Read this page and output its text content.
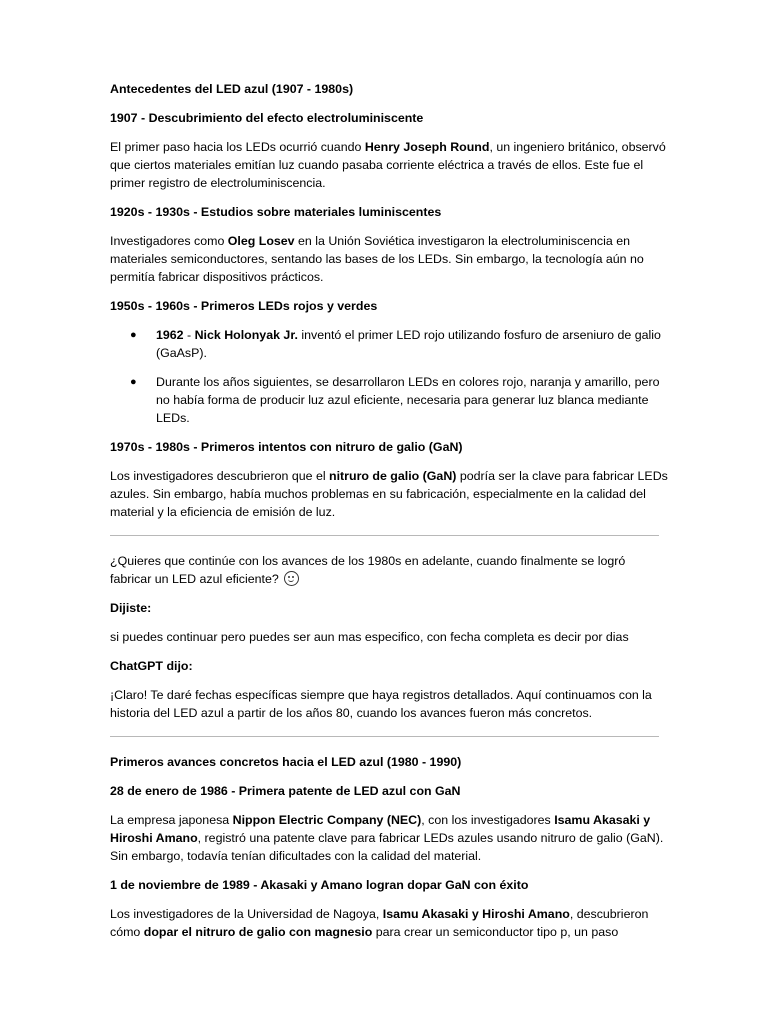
Antecedentes del LED azul (1907 - 1980s)
1907 - Descubrimiento del efecto electroluminiscente

El primer paso hacia los LEDs ocurrió cuando Henry Joseph Round, un ingeniero británico, observó que ciertos materiales emitían luz cuando pasaba corriente eléctrica a través de ellos. Este fue el primer registro de electroluminiscencia.

1920s - 1930s - Estudios sobre materiales luminiscentes

Investigadores como Oleg Losev en la Unión Soviética investigaron la electroluminiscencia en materiales semiconductores, sentando las bases de los LEDs. Sin embargo, la tecnología aún no permitía fabricar dispositivos prácticos.

1950s - 1960s - Primeros LEDs rojos y verdes
● 1962 - Nick Holonyak Jr. inventó el primer LED rojo utilizando fosfuro de arseniuro de galio (GaAsP).
● Durante los años siguientes, se desarrollaron LEDs en colores rojo, naranja y amarillo, pero no había forma de producir luz azul eficiente, necesaria para generar luz blanca mediante LEDs.
1970s - 1980s - Primeros intentos con nitruro de galio (GaN)

Los investigadores descubrieron que el nitruro de galio (GaN) podría ser la clave para fabricar LEDs azules. Sin embargo, había muchos problemas en su fabricación, especialmente en la calidad del material y la eficiencia de emisión de luz.

¿Quieres que continúe con los avances de los 1980s en adelante, cuando finalmente se logró fabricar un LED azul eficiente?

Dijiste:

si puedes continuar pero puedes ser aun mas especifico, con fecha completa es decir por dias

ChatGPT dijo:

¡Claro! Te daré fechas específicas siempre que haya registros detallados. Aquí continuamos con la historia del LED azul a partir de los años 80, cuando los avances fueron más concretos.

Primeros avances concretos hacia el LED azul (1980 - 1990)
28 de enero de 1986 - Primera patente de LED azul con GaN

La empresa japonesa Nippon Electric Company (NEC), con los investigadores Isamu Akasaki y Hiroshi Amano, registró una patente clave para fabricar LEDs azules usando nitruro de galio (GaN). Sin embargo, todavía tenían dificultades con la calidad del material.

1 de noviembre de 1989 - Akasaki y Amano logran dopar GaN con éxito

Los investigadores de la Universidad de Nagoya, Isamu Akasaki y Hiroshi Amano, descubrieron cómo dopar el nitruro de galio con magnesio para crear un semiconductor tipo p, un paso
